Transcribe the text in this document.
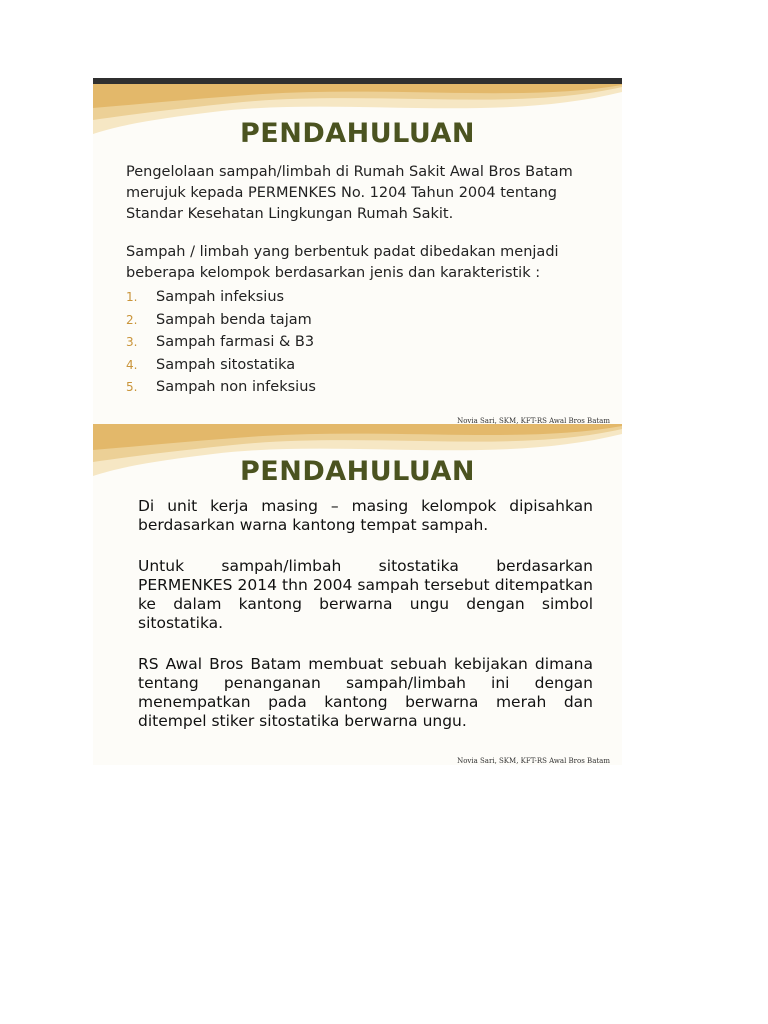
PENDAHULUAN

Pengelolaan sampah/limbah di Rumah Sakit Awal Bros Batam merujuk kepada PERMENKES No. 1204 Tahun 2004 tentang Standar Kesehatan Lingkungan Rumah Sakit.

Sampah / limbah yang berbentuk padat dibedakan menjadi beberapa kelompok berdasarkan jenis dan karakteristik :

1. Sampah infeksius
2. Sampah benda tajam
3. Sampah farmasi & B3
4. Sampah sitostatika
5. Sampah non infeksius
Novia Sari, SKM, KFT-RS Awal Bros Batam
PENDAHULUAN

Di unit kerja masing – masing kelompok dipisahkan berdasarkan warna kantong tempat sampah.

Untuk sampah/limbah sitostatika berdasarkan PERMENKES 2014 thn 2004 sampah tersebut ditempatkan ke dalam kantong berwarna ungu dengan simbol sitostatika.

RS Awal Bros Batam membuat sebuah kebijakan dimana tentang penanganan sampah/limbah ini dengan menempatkan pada kantong berwarna merah dan ditempel stiker sitostatika berwarna ungu.

Novia Sari, SKM, KFT-RS Awal Bros Batam
